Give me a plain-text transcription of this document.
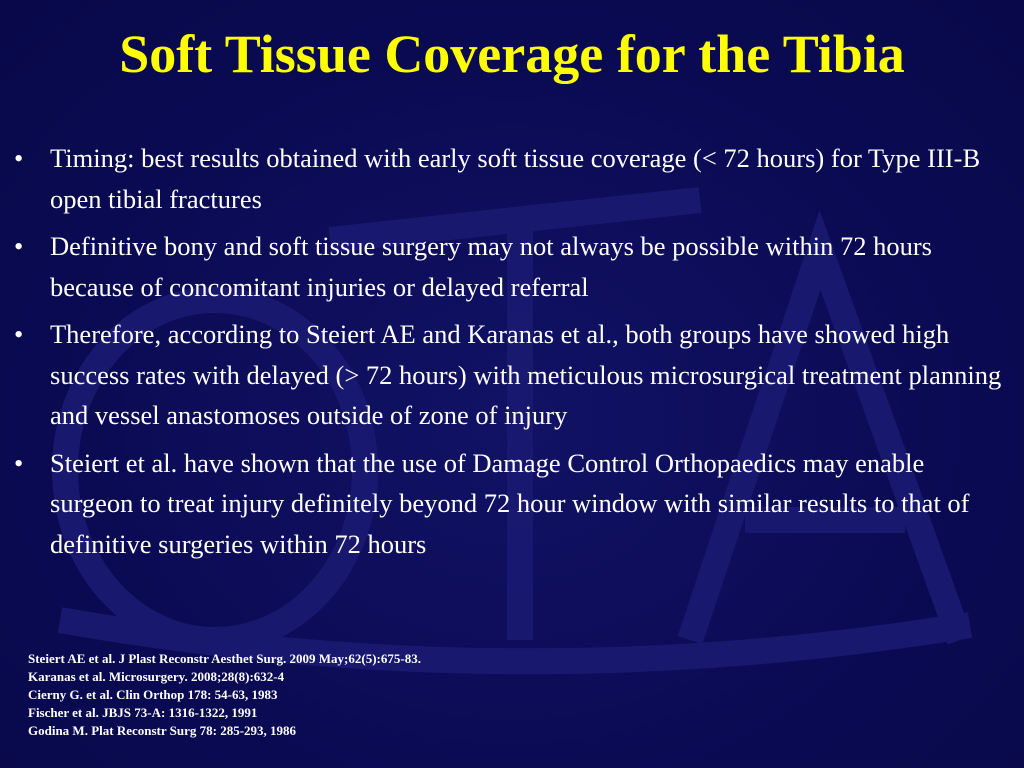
Soft Tissue Coverage for the Tibia
•	Timing: best results obtained with early soft tissue coverage (< 72 hours) for Type III-B open tibial fractures
•	Definitive bony and soft tissue surgery may not always be possible within 72 hours because of concomitant injuries or delayed referral
•	Therefore, according to Steiert AE and Karanas et al., both groups have showed high success rates with delayed (> 72 hours) with meticulous microsurgical treatment planning and vessel anastomoses outside of zone of injury
•	Steiert et al. have shown that the use of Damage Control Orthopaedics may enable surgeon to treat injury definitely beyond 72 hour window with similar results to that of definitive surgeries within 72 hours
Steiert AE et al. J Plast Reconstr Aesthet Surg. 2009 May;62(5):675-83.
Karanas et al. Microsurgery. 2008;28(8):632-4
Cierny G. et al. Clin Orthop 178: 54-63, 1983
Fischer et al. JBJS 73-A: 1316-1322, 1991
Godina M. Plat Reconstr Surg 78: 285-293, 1986
